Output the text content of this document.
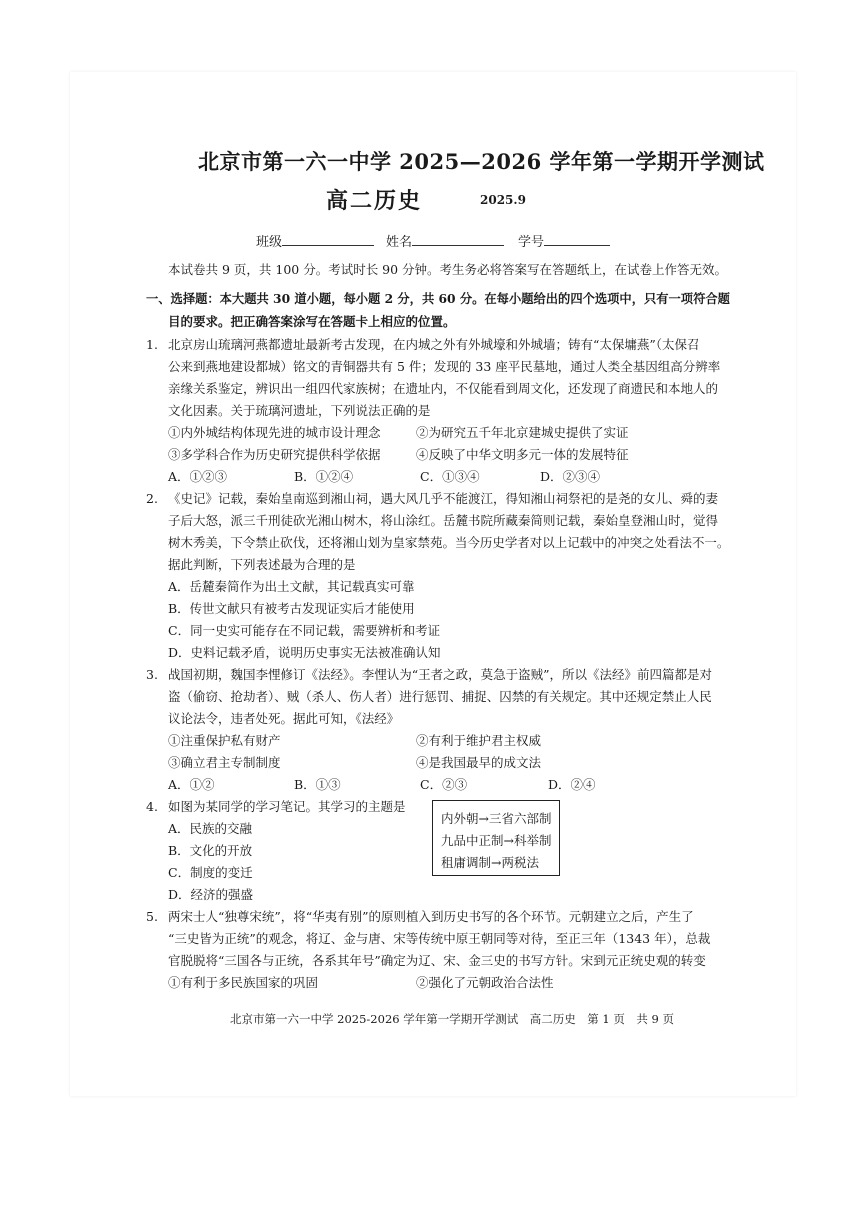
北京市第一六一中学 2025—2026 学年第一学期开学测试
高二历史	2025.9
班级	姓名	学号
本试卷共 9 页，共 100 分。考试时长 90 分钟。考生务必将答案写在答题纸上，在试卷上作答无效。
一、选择题：本大题共 30 道小题，每小题 2 分，共 60 分。在每小题给出的四个选项中，只有一项符合题
目的要求。把正确答案涂写在答题卡上相应的位置。
1. 北京房山琉璃河燕都遗址最新考古发现，在内城之外有外城壕和外城墙；铸有“太保墉燕”（太保召
公来到燕地建设都城）铭文的青铜器共有 5 件；发现的 33 座平民墓地，通过人类全基因组高分辨率
亲缘关系鉴定，辨识出一组四代家族树；在遗址内，不仅能看到周文化，还发现了商遗民和本地人的
文化因素。关于琉璃河遗址，下列说法正确的是
①内外城结构体现先进的城市设计理念	②为研究五千年北京建城史提供了实证
③多学科合作为历史研究提供科学依据	④反映了中华文明多元一体的发展特征
A．①②③	B．①②④	C．①③④	D．②③④
2. 《史记》记载，秦始皇南巡到湘山祠，遇大风几乎不能渡江，得知湘山祠祭祀的是尧的女儿、舜的妻
子后大怒，派三千刑徒砍光湘山树木，将山涂红。岳麓书院所藏秦简则记载，秦始皇登湘山时，觉得
树木秀美，下令禁止砍伐，还将湘山划为皇家禁苑。当今历史学者对以上记载中的冲突之处看法不一。
据此判断，下列表述最为合理的是
A．岳麓秦简作为出土文献，其记载真实可靠
B．传世文献只有被考古发现证实后才能使用
C．同一史实可能存在不同记载，需要辨析和考证
D．史料记载矛盾，说明历史事实无法被准确认知
3. 战国初期，魏国李悝修订《法经》。李悝认为“王者之政，莫急于盗贼”，所以《法经》前四篇都是对
盗（偷窃、抢劫者）、贼（杀人、伤人者）进行惩罚、捕捉、囚禁的有关规定。其中还规定禁止人民
议论法令，违者处死。据此可知，《法经》
①注重保护私有财产	②有利于维护君主权威
③确立君主专制制度	④是我国最早的成文法
A．①②	B．①③	C．②③	D．②④
4. 如图为某同学的学习笔记。其学习的主题是
A．民族的交融
B．文化的开放
C．制度的变迁
D．经济的强盛
内外朝→三省六部制
九品中正制→科举制
租庸调制→两税法
5. 两宋士人“独尊宋统”，将“华夷有别”的原则植入到历史书写的各个环节。元朝建立之后，产生了
“三史皆为正统”的观念，将辽、金与唐、宋等传统中原王朝同等对待，至正三年（1343 年），总裁
官脱脱将“三国各与正统，各系其年号”确定为辽、宋、金三史的书写方针。宋到元正统史观的转变
①有利于多民族国家的巩固	②强化了元朝政治合法性
北京市第一六一中学 2025-2026 学年第一学期开学测试　高二历史　第 1 页　共 9 页
